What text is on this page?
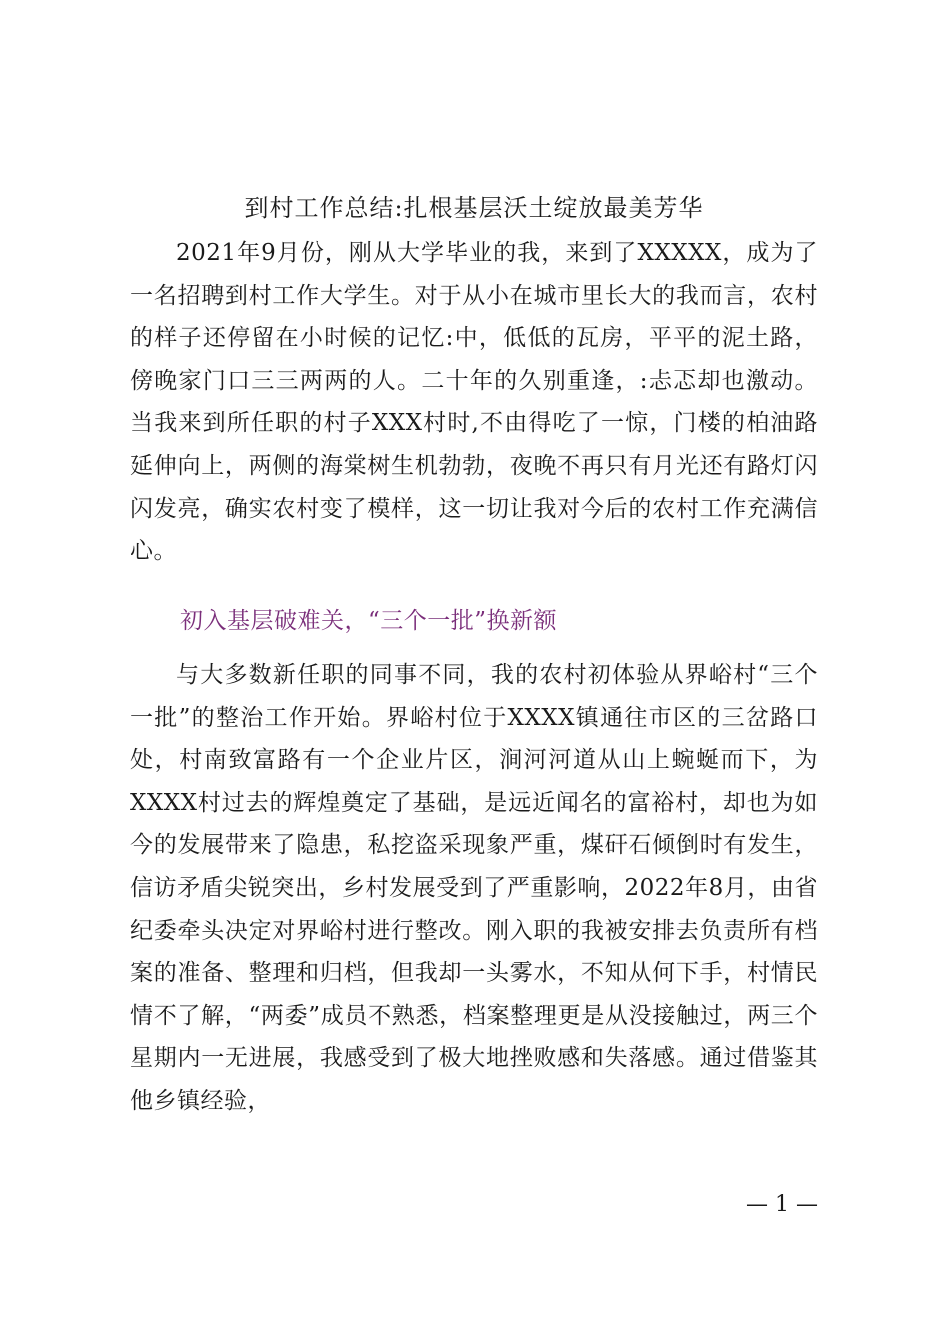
到村工作总结:扎根基层沃土绽放最美芳华

2021年9月份，刚从大学毕业的我，来到了XXXXX，成为了一名招聘到村工作大学生。对于从小在城市里长大的我而言，农村的样子还停留在小时候的记忆:中，低低的瓦房，平平的泥土路，傍晚家门口三三两两的人。二十年的久别重逢，:忐忑却也激动。当我来到所任职的村子XXX村时,不由得吃了一惊，门楼的柏油路延伸向上，两侧的海棠树生机勃勃，夜晚不再只有月光还有路灯闪闪发亮，确实农村变了模样，这一切让我对今后的农村工作充满信心。

初入基层破难关，“三个一批”换新额

与大多数新任职的同事不同，我的农村初体验从界峪村“三个一批”的整治工作开始。界峪村位于XXXX镇通往市区的三岔路口处，村南致富路有一个企业片区，涧河河道从山上蜿蜒而下，为XXXX村过去的辉煌奠定了基础，是远近闻名的富裕村，却也为如今的发展带来了隐患，私挖盗采现象严重，煤矸石倾倒时有发生，信访矛盾尖锐突出，乡村发展受到了严重影响，2022年8月，由省纪委牵头决定对界峪村进行整改。刚入职的我被安排去负责所有档案的准备、整理和归档，但我却一头雾水，不知从何下手，村情民情不了解，“两委”成员不熟悉，档案整理更是从没接触过，两三个星期内一无进展，我感受到了极大地挫败感和失落感。通过借鉴其他乡镇经验，

— 1 —
